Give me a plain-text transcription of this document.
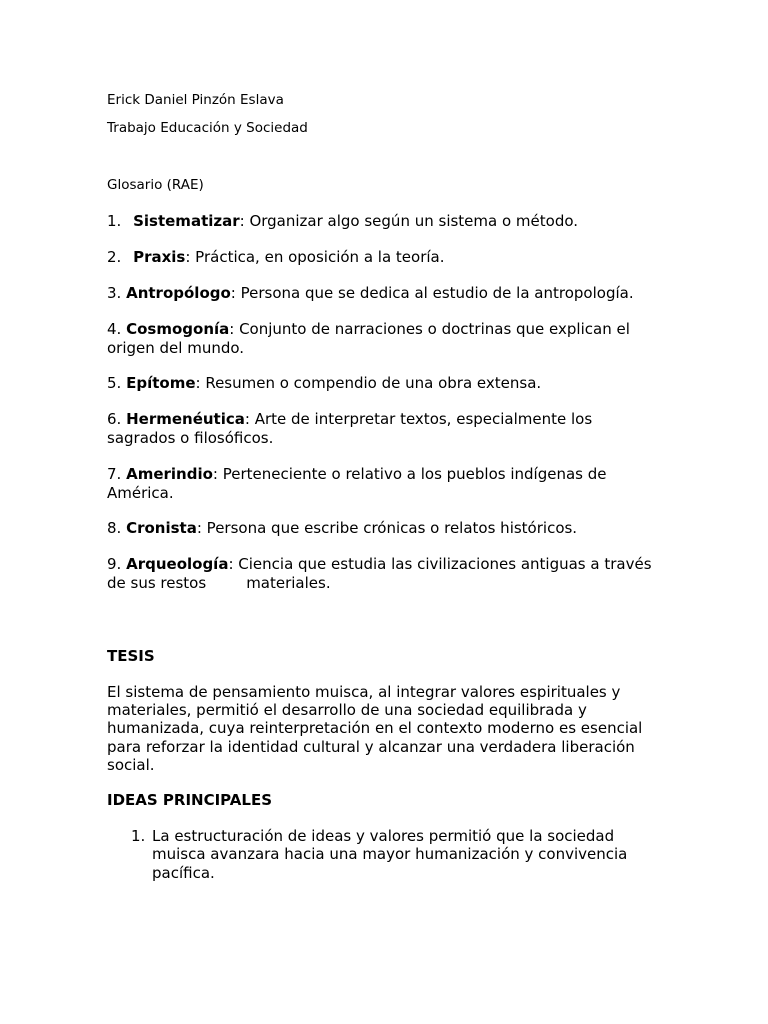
Erick Daniel Pinzón Eslava
Trabajo Educación y Sociedad
Glosario (RAE)
1. Sistematizar: Organizar algo según un sistema o método.
2. Praxis: Práctica, en oposición a la teoría.
3. Antropólogo: Persona que se dedica al estudio de la antropología.
4. Cosmogonía: Conjunto de narraciones o doctrinas que explican el origen del mundo.
5. Epítome: Resumen o compendio de una obra extensa.
6. Hermenéutica: Arte de interpretar textos, especialmente los sagrados o filosóficos.
7. Amerindio: Perteneciente o relativo a los pueblos indígenas de América.
8. Cronista: Persona que escribe crónicas o relatos históricos.
9. Arqueología: Ciencia que estudia las civilizaciones antiguas a través de sus restos	materiales.
TESIS
El sistema de pensamiento muisca, al integrar valores espirituales y materiales, permitió el desarrollo de una sociedad equilibrada y humanizada, cuya reinterpretación en el contexto moderno es esencial para reforzar la identidad cultural y alcanzar una verdadera liberación social.
IDEAS PRINCIPALES
1. La estructuración de ideas y valores permitió que la sociedad muisca avanzara hacia una mayor humanización y convivencia pacífica.
